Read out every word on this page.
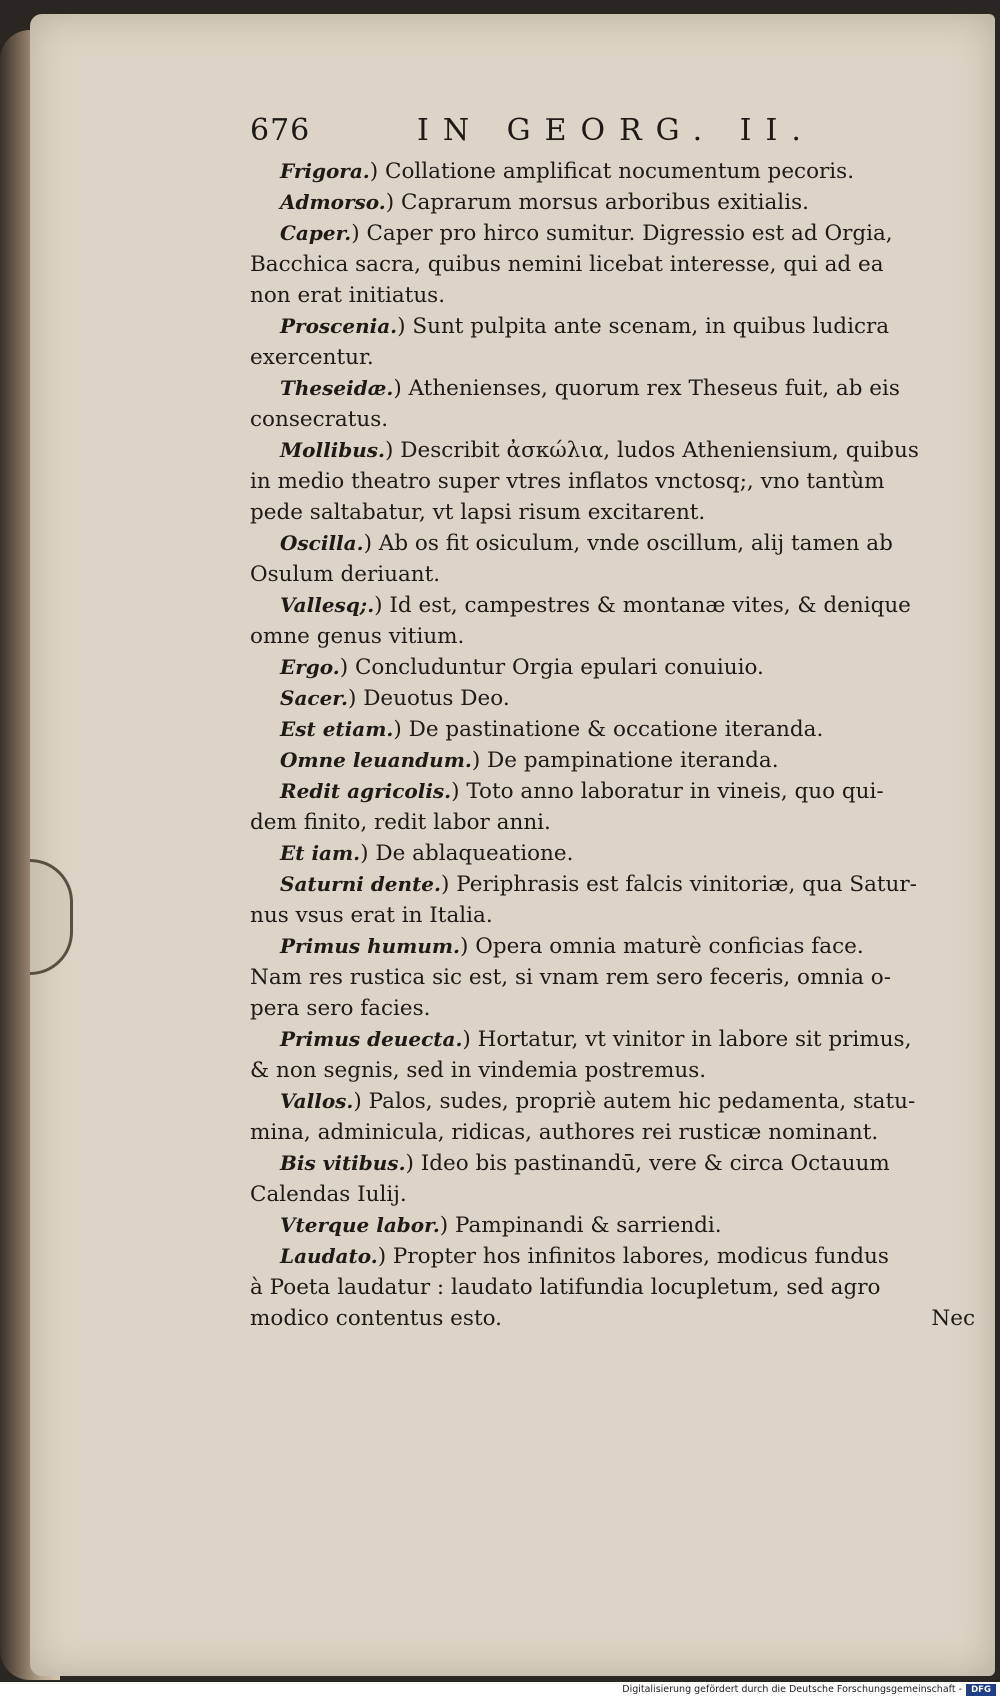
676	IN GEORG. II.
Frigora.) Collatione amplificat nocumentum pecoris.
Admorso.) Caprarum morsus arboribus exitialis.
Caper.) Caper pro hirco sumitur. Digressio est ad Orgia,
Bacchica sacra, quibus nemini licebat interesse, qui ad ea
non erat initiatus.
Proscenia.) Sunt pulpita ante scenam, in quibus ludicra
exercentur.
Theseidæ.) Athenienses, quorum rex Theseus fuit, ab eis
consecratus.
Mollibus.) Describit ἀσκώλια, ludos Atheniensium, quibus
in medio theatro super vtres inflatos vnctosq;, vno tantùm
pede saltabatur, vt lapsi risum excitarent.
Oscilla.) Ab os fit osiculum, vnde oscillum, alij tamen ab
Osulum deriuant.
Vallesq;.) Id est, campestres & montanæ vites, & denique
omne genus vitium.
Ergo.) Concluduntur Orgia epulari conuiuio.
Sacer.) Deuotus Deo.
Est etiam.) De pastinatione & occatione iteranda.
Omne leuandum.) De pampinatione iteranda.
Redit agricolis.) Toto anno laboratur in vineis, quo qui-
dem finito, redit labor anni.
Et iam.) De ablaqueatione.
Saturni dente.) Periphrasis est falcis vinitoriæ, qua Satur-
nus vsus erat in Italia.
Primus humum.) Opera omnia maturè conficias face.
Nam res rustica sic est, si vnam rem sero feceris, omnia o-
pera sero facies.
Primus deuecta.) Hortatur, vt vinitor in labore sit primus,
& non segnis, sed in vindemia postremus.
Vallos.) Palos, sudes, propriè autem hic pedamenta, statu-
mina, adminicula, ridicas, authores rei rusticæ nominant.
Bis vitibus.) Ideo bis pastinandū, vere & circa Octauum
Calendas Iulij.
Vterque labor.) Pampinandi & sarriendi.
Laudato.) Propter hos infinitos labores, modicus fundus
à Poeta laudatur : laudato latifundia locupletum, sed agro
modico contentus esto.	Nec
Digitalisierung gefördert durch die Deutsche Forschungsgemeinschaft -	DFG
